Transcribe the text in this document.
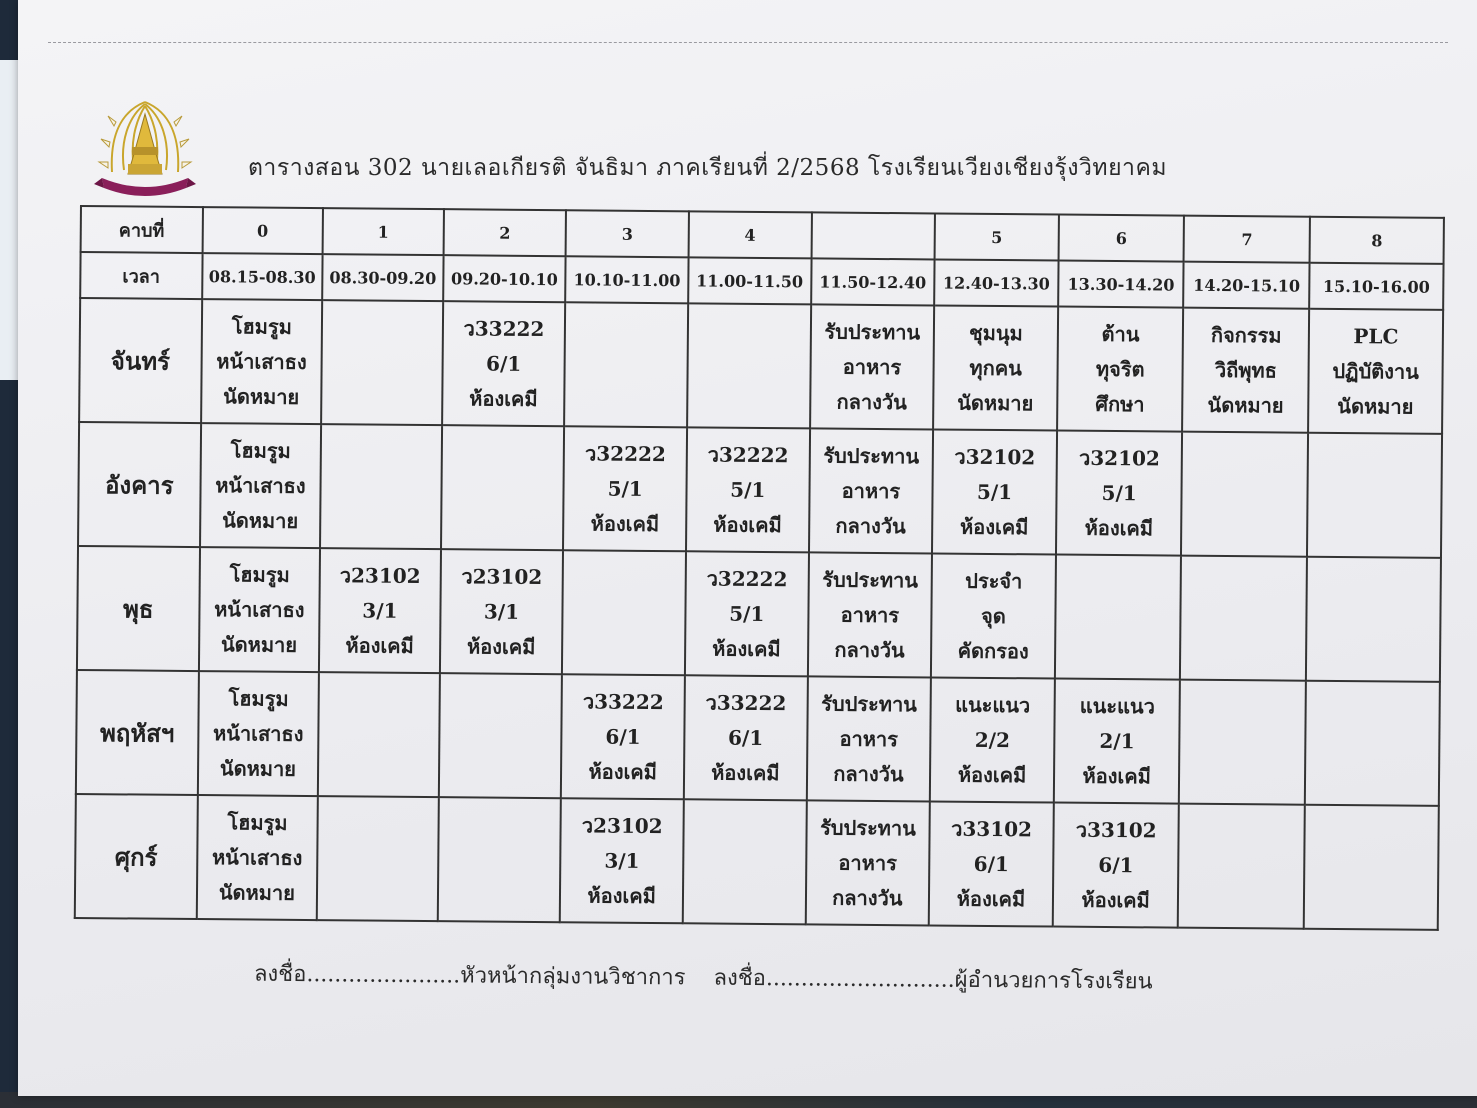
ตารางสอน 302 นายเลอเกียรติ จันธิมา ภาคเรียนที่ 2/2568 โรงเรียนเวียงเชียงรุ้งวิทยาคม
คาบที่	0	1	2	3	4		5	6	7	8
เวลา	08.15-08.30	08.30-09.20	09.20-10.10	10.10-11.00	11.00-11.50	11.50-12.40	12.40-13.30	13.30-14.20	14.20-15.10	15.10-16.00
จันทร์	โฮมรูม
หน้าเสาธง
นัดหมาย		ว33222
6/1
ห้องเคมี			รับประทาน
อาหาร
กลางวัน	ชุมนุม
ทุกคน
นัดหมาย	ต้าน
ทุจริต
ศึกษา	กิจกรรม
วิถีพุทธ
นัดหมาย	PLC
ปฏิบัติงาน
นัดหมาย

อังคาร	โฮมรูม
หน้าเสาธง
นัดหมาย			ว32222
5/1
ห้องเคมี	ว32222
5/1
ห้องเคมี	รับประทาน
อาหาร
กลางวัน	ว32102
5/1
ห้องเคมี	ว32102
5/1
ห้องเคมี		

พุธ	โฮมรูม
หน้าเสาธง
นัดหมาย	ว23102
3/1
ห้องเคมี	ว23102
3/1
ห้องเคมี		ว32222
5/1
ห้องเคมี	รับประทาน
อาหาร
กลางวัน	ประจำ
จุด
คัดกรอง			

พฤหัสฯ	โฮมรูม
หน้าเสาธง
นัดหมาย			ว33222
6/1
ห้องเคมี	ว33222
6/1
ห้องเคมี	รับประทาน
อาหาร
กลางวัน	แนะแนว
2/2
ห้องเคมี	แนะแนว
2/1
ห้องเคมี		

ศุกร์	โฮมรูม
หน้าเสาธง
นัดหมาย			ว23102
3/1
ห้องเคมี		รับประทาน
อาหาร
กลางวัน	ว33102
6/1
ห้องเคมี	ว33102
6/1
ห้องเคมี		

ลงชื่อ......................หัวหน้ากลุ่มงานวิชาการ ลงชื่อ...........................ผู้อำนวยการโรงเรียน
